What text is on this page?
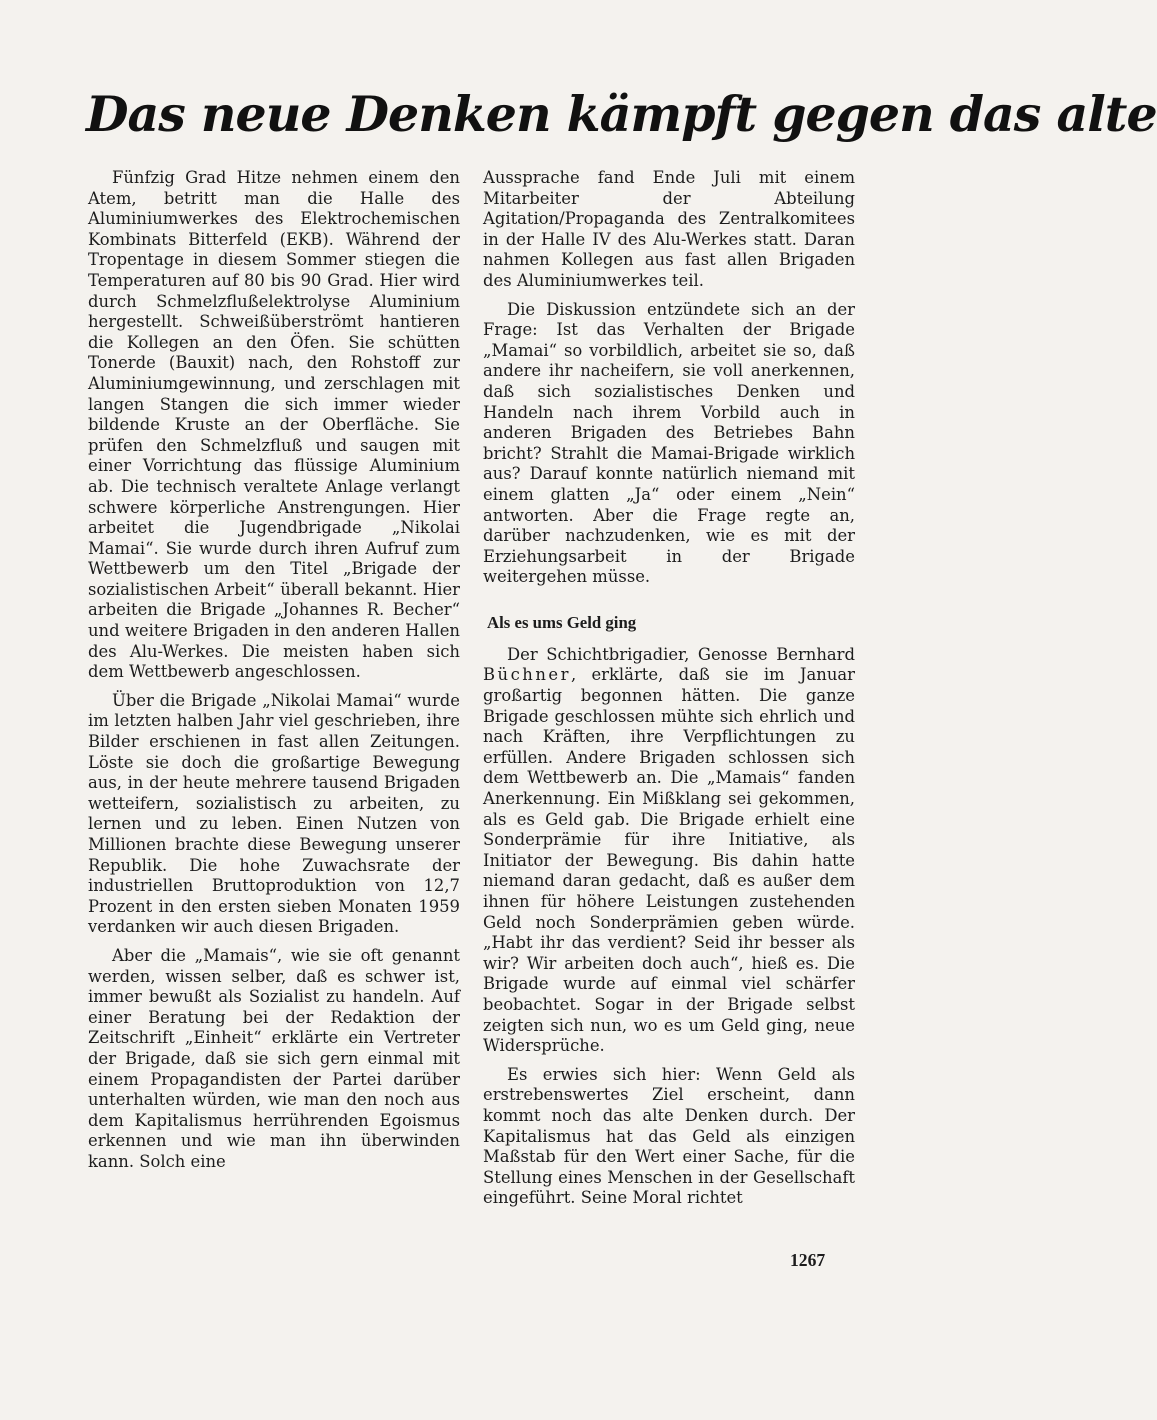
Das neue Denken kämpft gegen das alte

Fünfzig Grad Hitze nehmen einem den Atem, betritt man die Halle des Aluminiumwerkes des Elektrochemischen Kombinats Bitterfeld (EKB). Während der Tropentage in diesem Sommer stiegen die Temperaturen auf 80 bis 90 Grad. Hier wird durch Schmelzflußelektrolyse Aluminium hergestellt. Schweißüberströmt hantieren die Kollegen an den Öfen. Sie schütten Tonerde (Bauxit) nach, den Rohstoff zur Aluminiumgewinnung, und zerschlagen mit langen Stangen die sich immer wieder bildende Kruste an der Oberfläche. Sie prüfen den Schmelzfluß und saugen mit einer Vorrichtung das flüssige Aluminium ab. Die technisch veraltete Anlage verlangt schwere körperliche Anstrengungen. Hier arbeitet die Jugendbrigade „Nikolai Mamai“. Sie wurde durch ihren Aufruf zum Wettbewerb um den Titel „Brigade der sozialistischen Arbeit“ überall bekannt. Hier arbeiten die Brigade „Johannes R. Becher“ und weitere Brigaden in den anderen Hallen des Alu-Werkes. Die meisten haben sich dem Wettbewerb angeschlossen.

Über die Brigade „Nikolai Mamai“ wurde im letzten halben Jahr viel geschrieben, ihre Bilder erschienen in fast allen Zeitungen. Löste sie doch die großartige Bewegung aus, in der heute mehrere tausend Brigaden wetteifern, sozialistisch zu arbeiten, zu lernen und zu leben. Einen Nutzen von Millionen brachte diese Bewegung unserer Republik. Die hohe Zuwachsrate der industriellen Bruttoproduktion von 12,7 Prozent in den ersten sieben Monaten 1959 verdanken wir auch diesen Brigaden.

Aber die „Mamais“, wie sie oft genannt werden, wissen selber, daß es schwer ist, immer bewußt als Sozialist zu handeln. Auf einer Beratung bei der Redaktion der Zeitschrift „Einheit“ erklärte ein Vertreter der Brigade, daß sie sich gern einmal mit einem Propagandisten der Partei darüber unterhalten würden, wie man den noch aus dem Kapitalismus herrührenden Egoismus erkennen und wie man ihn überwinden kann. Solch eine

Aussprache fand Ende Juli mit einem Mitarbeiter der Abteilung Agitation/Propaganda des Zentralkomitees in der Halle IV des Alu-Werkes statt. Daran nahmen Kollegen aus fast allen Brigaden des Aluminiumwerkes teil.

Die Diskussion entzündete sich an der Frage: Ist das Verhalten der Brigade „Mamai“ so vorbildlich, arbeitet sie so, daß andere ihr nacheifern, sie voll anerkennen, daß sich sozialistisches Denken und Handeln nach ihrem Vorbild auch in anderen Brigaden des Betriebes Bahn bricht? Strahlt die Mamai-Brigade wirklich aus? Darauf konnte natürlich niemand mit einem glatten „Ja“ oder einem „Nein“ antworten. Aber die Frage regte an, darüber nachzudenken, wie es mit der Erziehungsarbeit in der Brigade weitergehen müsse.

Als es ums Geld ging

Der Schichtbrigadier, Genosse Bernhard Büchner, erklärte, daß sie im Januar großartig begonnen hätten. Die ganze Brigade geschlossen mühte sich ehrlich und nach Kräften, ihre Verpflichtungen zu erfüllen. Andere Brigaden schlossen sich dem Wettbewerb an. Die „Mamais“ fanden Anerkennung. Ein Mißklang sei gekommen, als es Geld gab. Die Brigade erhielt eine Sonderprämie für ihre Initiative, als Initiator der Bewegung. Bis dahin hatte niemand daran gedacht, daß es außer dem ihnen für höhere Leistungen zustehenden Geld noch Sonderprämien geben würde. „Habt ihr das verdient? Seid ihr besser als wir? Wir arbeiten doch auch“, hieß es. Die Brigade wurde auf einmal viel schärfer beobachtet. Sogar in der Brigade selbst zeigten sich nun, wo es um Geld ging, neue Widersprüche.

Es erwies sich hier: Wenn Geld als erstrebenswertes Ziel erscheint, dann kommt noch das alte Denken durch. Der Kapitalismus hat das Geld als einzigen Maßstab für den Wert einer Sache, für die Stellung eines Menschen in der Gesellschaft eingeführt. Seine Moral richtet

1267
